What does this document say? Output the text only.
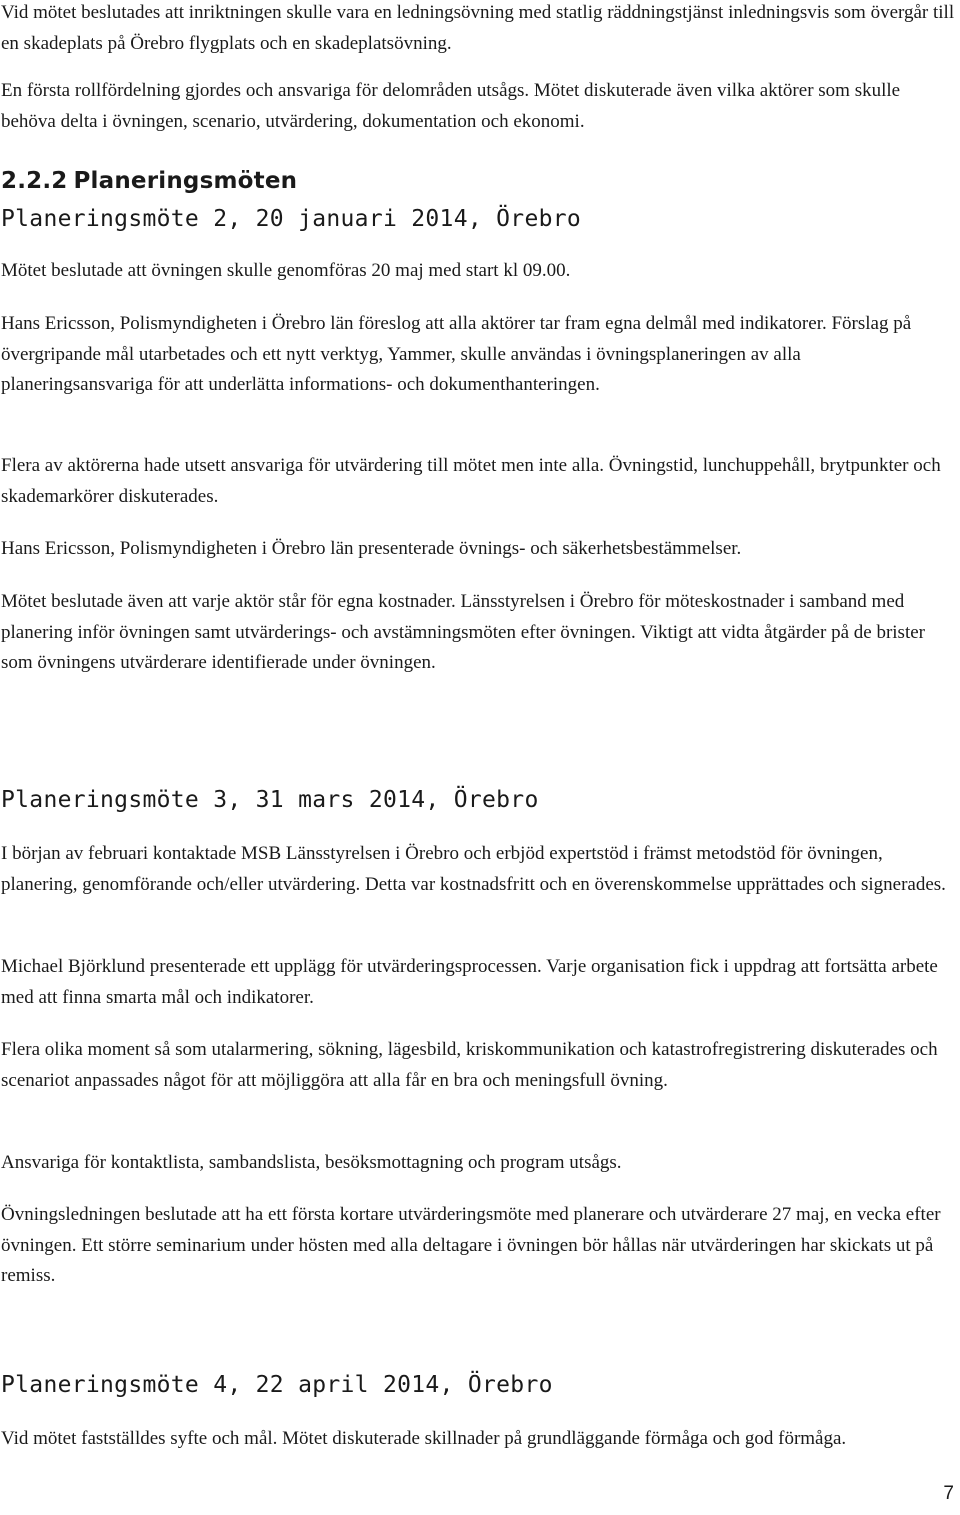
Vid mötet beslutades att inriktningen skulle vara en ledningsövning med statlig räddningstjänst inledningsvis som övergår till en skadeplats på Örebro flygplats och en skadeplatsövning.

En första rollfördelning gjordes och ansvariga för delområden utsågs. Mötet diskuterade även vilka aktörer som skulle behöva delta i övningen, scenario, utvärdering, dokumentation och ekonomi.

2.2.2 Planeringsmöten
Planeringsmöte 2, 20 januari 2014, Örebro

Mötet beslutade att övningen skulle genomföras 20 maj med start kl 09.00.

Hans Ericsson, Polismyndigheten i Örebro län föreslog att alla aktörer tar fram egna delmål med indikatorer. Förslag på övergripande mål utarbetades och ett nytt verktyg, Yammer, skulle användas i övningsplaneringen av alla planeringsansvariga för att underlätta informations- och dokumenthanteringen.

Flera av aktörerna hade utsett ansvariga för utvärdering till mötet men inte alla. Övningstid, lunchuppehåll, brytpunkter och skademarkörer diskuterades.

Hans Ericsson, Polismyndigheten i Örebro län presenterade övnings- och säkerhetsbestämmelser.

Mötet beslutade även att varje aktör står för egna kostnader. Länsstyrelsen i Örebro för möteskostnader i samband med planering inför övningen samt utvärderings- och avstämningsmöten efter övningen. Viktigt att vidta åtgärder på de brister som övningens utvärderare identifierade under övningen.

Planeringsmöte 3, 31 mars 2014, Örebro

I början av februari kontaktade MSB Länsstyrelsen i Örebro och erbjöd expertstöd i främst metodstöd för övningen, planering, genomförande och/eller utvärdering. Detta var kostnadsfritt och en överenskommelse upprättades och signerades.

Michael Björklund presenterade ett upplägg för utvärderingsprocessen. Varje organisation fick i uppdrag att fortsätta arbete med att finna smarta mål och indikatorer.

Flera olika moment så som utalarmering, sökning, lägesbild, kriskommunikation och katastrofregistrering diskuterades och scenariot anpassades något för att möjliggöra att alla får en bra och meningsfull övning.

Ansvariga för kontaktlista, sambandslista, besöksmottagning och program utsågs.

Övningsledningen beslutade att ha ett första kortare utvärderingsmöte med planerare och utvärderare 27 maj, en vecka efter övningen. Ett större seminarium under hösten med alla deltagare i övningen bör hållas när utvärderingen har skickats ut på remiss.

Planeringsmöte 4, 22 april 2014, Örebro

Vid mötet fastställdes syfte och mål. Mötet diskuterade skillnader på grundläggande förmåga och god förmåga.

7
